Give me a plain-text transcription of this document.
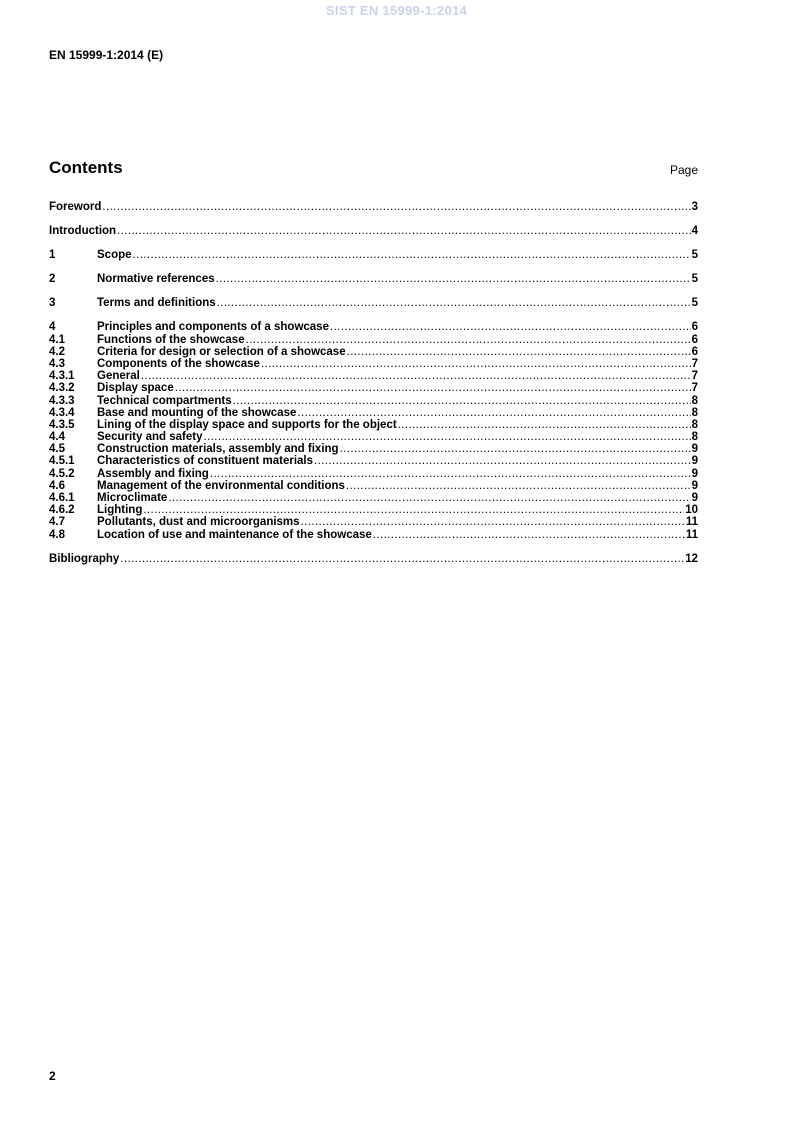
SIST EN 15999-1:2014
EN 15999-1:2014 (E)
Contents	Page
Foreword .....	3
Introduction .....	4
1	Scope .....	5
2	Normative references .....	5
3	Terms and definitions .....	5
4	Principles and components of a showcase .....	6
4.1	Functions of the showcase .....	6
4.2	Criteria for design or selection of a showcase .....	6
4.3	Components of the showcase .....	7
4.3.1	General .....	7
4.3.2	Display space .....	7
4.3.3	Technical compartments .....	8
4.3.4	Base and mounting of the showcase .....	8
4.3.5	Lining of the display space and supports for the object .....	8
4.4	Security and safety .....	8
4.5	Construction materials, assembly and fixing .....	9
4.5.1	Characteristics of constituent materials .....	9
4.5.2	Assembly and fixing .....	9
4.6	Management of the environmental conditions .....	9
4.6.1	Microclimate .....	9
4.6.2	Lighting .....	10
4.7	Pollutants, dust and microorganisms .....	11
4.8	Location of use and maintenance of the showcase .....	11
Bibliography .....	12
2
